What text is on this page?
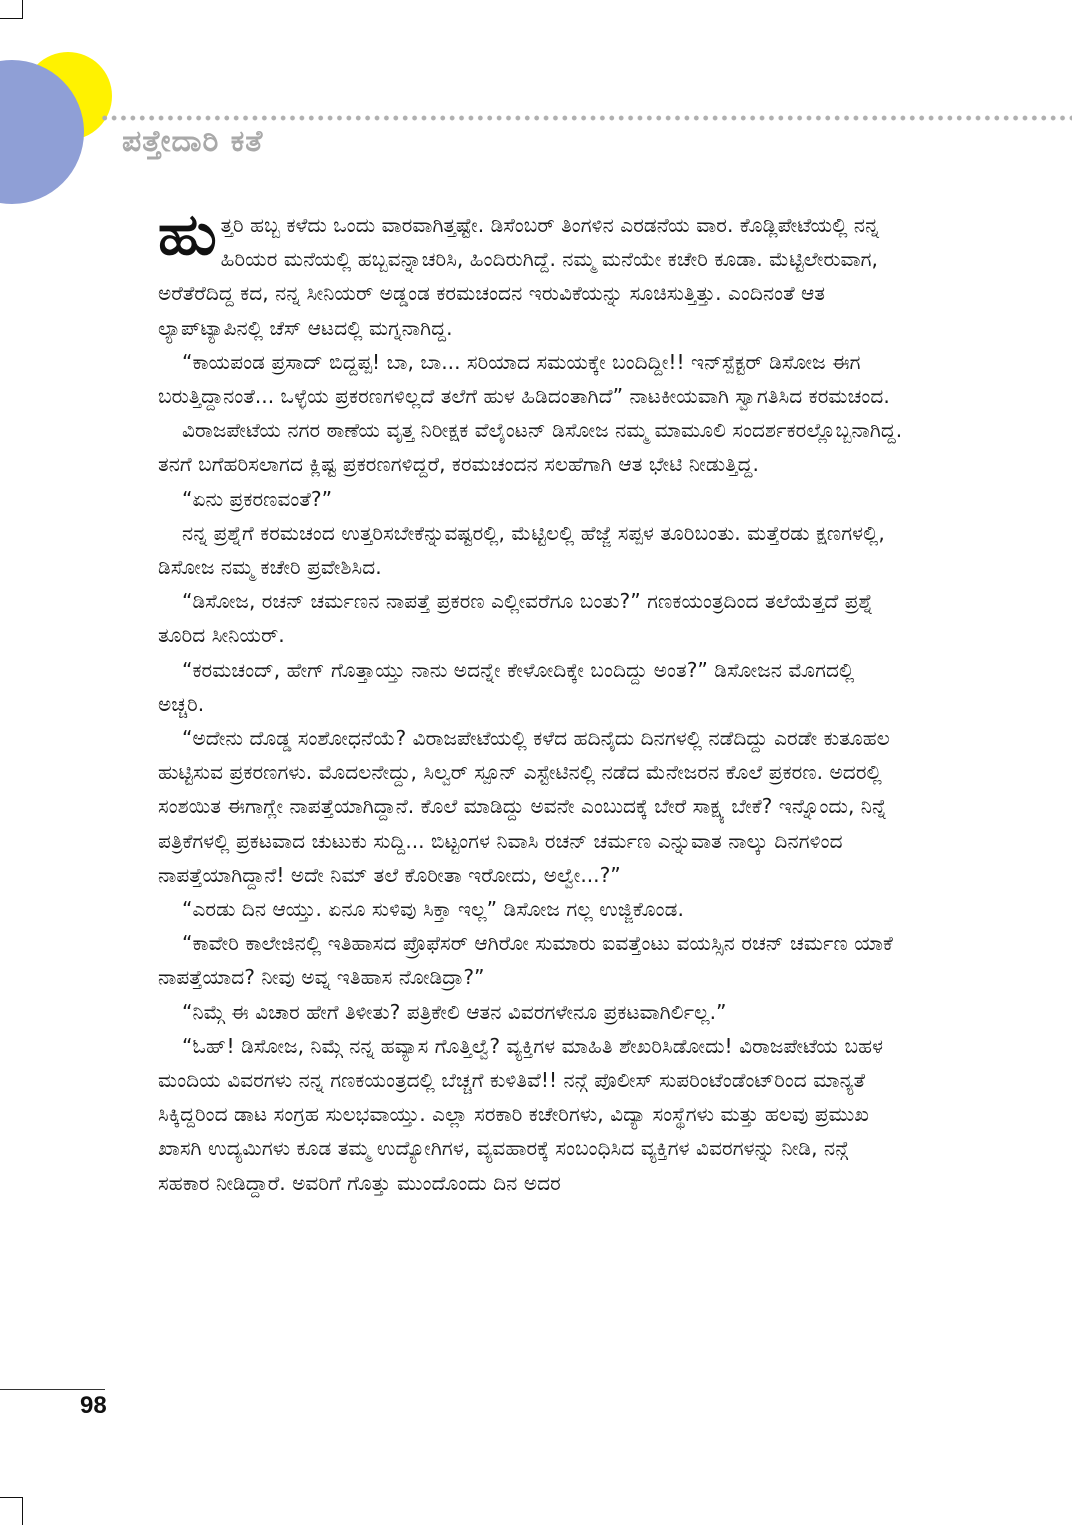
ಪತ್ತೇದಾರಿ ಕತೆ

ಹುತ್ತರಿ ಹಬ್ಬ ಕಳೆದು ಒಂದು ವಾರವಾಗಿತ್ತಷ್ಟೇ. ಡಿಸೆಂಬರ್ ತಿಂಗಳಿನ ಎರಡನೆಯ ವಾರ. ಕೊಡ್ಲಿಪೇಟೆಯಲ್ಲಿ ನನ್ನ ಹಿರಿಯರ ಮನೆಯಲ್ಲಿ ಹಬ್ಬವನ್ನಾಚರಿಸಿ, ಹಿಂದಿರುಗಿದ್ದೆ. ನಮ್ಮ ಮನೆಯೇ ಕಚೇರಿ ಕೂಡಾ. ಮೆಟ್ಟಿಲೇರುವಾಗ, ಅರೆತೆರೆದಿದ್ದ ಕದ, ನನ್ನ ಸೀನಿಯರ್ ಅಡ್ಡಂಡ ಕರಮಚಂದನ ಇರುವಿಕೆಯನ್ನು ಸೂಚಿಸುತ್ತಿತ್ತು. ಎಂದಿನಂತೆ ಆತ ಲ್ಯಾಪ್‌ಟ್ಯಾಪಿನಲ್ಲಿ ಚೆಸ್ ಆಟದಲ್ಲಿ ಮಗ್ನನಾಗಿದ್ದ.

“ಕಾಯಪಂಡ ಪ್ರಸಾದ್ ಬಿದ್ದಪ್ಪ! ಬಾ, ಬಾ... ಸರಿಯಾದ ಸಮಯಕ್ಕೇ ಬಂದಿದ್ದೀ!! ಇನ್‌ಸ್ಪೆಕ್ಟರ್ ಡಿಸೋಜ ಈಗ ಬರುತ್ತಿದ್ದಾನಂತೆ... ಒಳ್ಳೆಯ ಪ್ರಕರಣಗಳಿಲ್ಲದೆ ತಲೆಗೆ ಹುಳ ಹಿಡಿದಂತಾಗಿದೆ” ನಾಟಕೀಯವಾಗಿ ಸ್ವಾಗತಿಸಿದ ಕರಮಚಂದ.

ವಿರಾಜಪೇಟೆಯ ನಗರ ಠಾಣೆಯ ವೃತ್ತ ನಿರೀಕ್ಷಕ ವೆಲೈಂಟನ್ ಡಿಸೋಜ ನಮ್ಮ ಮಾಮೂಲಿ ಸಂದರ್ಶಕರಲ್ಲೊಬ್ಬನಾಗಿದ್ದ. ತನಗೆ ಬಗೆಹರಿಸಲಾಗದ ಕ್ಲಿಷ್ಟ ಪ್ರಕರಣಗಳಿದ್ದರೆ, ಕರಮಚಂದನ ಸಲಹೆಗಾಗಿ ಆತ ಭೇಟಿ ನೀಡುತ್ತಿದ್ದ.

“ಏನು ಪ್ರಕರಣವಂತೆ?”

ನನ್ನ ಪ್ರಶ್ನೆಗೆ ಕರಮಚಂದ ಉತ್ತರಿಸಬೇಕೆನ್ನುವಷ್ಟರಲ್ಲಿ, ಮೆಟ್ಟಿಲಲ್ಲಿ ಹೆಜ್ಜೆ ಸಪ್ಪಳ ತೂರಿಬಂತು. ಮತ್ತೆರಡು ಕ್ಷಣಗಳಲ್ಲಿ, ಡಿಸೋಜ ನಮ್ಮ ಕಚೇರಿ ಪ್ರವೇಶಿಸಿದ.

“ಡಿಸೋಜ, ರಚನ್ ಚರ್ಮಣನ ನಾಪತ್ತೆ ಪ್ರಕರಣ ಎಲ್ಲೀವರೆಗೂ ಬಂತು?” ಗಣಕಯಂತ್ರದಿಂದ ತಲೆಯೆತ್ತದೆ ಪ್ರಶ್ನೆ ತೂರಿದ ಸೀನಿಯರ್.

“ಕರಮಚಂದ್, ಹೇಗ್ ಗೊತ್ತಾಯ್ತು ನಾನು ಅದನ್ನೇ ಕೇಳೋದಿಕ್ಕೇ ಬಂದಿದ್ದು ಅಂತ?” ಡಿಸೋಜನ ಮೊಗದಲ್ಲಿ ಅಚ್ಚರಿ.

“ಅದೇನು ದೊಡ್ಡ ಸಂಶೋಧನೆಯೆ? ವಿರಾಜಪೇಟೆಯಲ್ಲಿ ಕಳೆದ ಹದಿನೈದು ದಿನಗಳಲ್ಲಿ ನಡೆದಿದ್ದು ಎರಡೇ ಕುತೂಹಲ ಹುಟ್ಟಿಸುವ ಪ್ರಕರಣಗಳು. ಮೊದಲನೇದ್ದು, ಸಿಲ್ವರ್ ಸ್ಪೂನ್ ಎಸ್ಟೇಟಿನಲ್ಲಿ ನಡೆದ ಮೆನೇಜರನ ಕೊಲೆ ಪ್ರಕರಣ. ಅದರಲ್ಲಿ ಸಂಶಯಿತ ಈಗಾಗ್ಲೇ ನಾಪತ್ತೆಯಾಗಿದ್ದಾನೆ. ಕೊಲೆ ಮಾಡಿದ್ದು ಅವನೇ ಎಂಬುದಕ್ಕೆ ಬೇರೆ ಸಾಕ್ಷ್ಯ ಬೇಕೆ? ಇನ್ನೊಂದು, ನಿನ್ನೆ ಪತ್ರಿಕೆಗಳಲ್ಲಿ ಪ್ರಕಟವಾದ ಚುಟುಕು ಸುದ್ದಿ... ಬಿಟ್ಟಂಗಳ ನಿವಾಸಿ ರಚನ್ ಚರ್ಮಣ ಎನ್ನುವಾತ ನಾಲ್ಕು ದಿನಗಳಿಂದ ನಾಪತ್ತೆಯಾಗಿದ್ದಾನೆ! ಅದೇ ನಿಮ್ ತಲೆ ಕೊರೀತಾ ಇರೋದು, ಅಲ್ವೇ...?”

“ಎರಡು ದಿನ ಆಯ್ತು. ಏನೂ ಸುಳಿವು ಸಿಕ್ತಾ ಇಲ್ಲ” ಡಿಸೋಜ ಗಲ್ಲ ಉಜ್ಜಿಕೊಂಡ.

“ಕಾವೇರಿ ಕಾಲೇಜಿನಲ್ಲಿ ಇತಿಹಾಸದ ಪ್ರೊಫೆಸರ್ ಆಗಿರೋ ಸುಮಾರು ಐವತ್ತೆಂಟು ವಯಸ್ಸಿನ ರಚನ್ ಚರ್ಮಣ ಯಾಕೆ ನಾಪತ್ತೆಯಾದ? ನೀವು ಅವ್ನ ಇತಿಹಾಸ ನೋಡಿದ್ರಾ?”

“ನಿಮ್ಗೆ ಈ ವಿಚಾರ ಹೇಗೆ ತಿಳೀತು? ಪತ್ರಿಕೇಲಿ ಆತನ ವಿವರಗಳೇನೂ ಪ್ರಕಟವಾಗಿರ್ಲಿಲ್ಲ.”

“ಓಹ್! ಡಿಸೋಜ, ನಿಮ್ಗೆ ನನ್ನ ಹವ್ಯಾಸ ಗೊತ್ತಿಲ್ವೆ? ವ್ಯಕ್ತಿಗಳ ಮಾಹಿತಿ ಶೇಖರಿಸಿಡೋದು! ವಿರಾಜಪೇಟೆಯ ಬಹಳ ಮಂದಿಯ ವಿವರಗಳು ನನ್ನ ಗಣಕಯಂತ್ರದಲ್ಲಿ ಬೆಚ್ಚಗೆ ಕುಳಿತಿವೆ!! ನನ್ಗೆ ಪೊಲೀಸ್ ಸುಪರಿಂಟೆಂಡೆಂಟ್‌ರಿಂದ ಮಾನ್ಯತೆ ಸಿಕ್ಕಿದ್ದರಿಂದ ಡಾಟ ಸಂಗ್ರಹ ಸುಲಭವಾಯ್ತು. ಎಲ್ಲಾ ಸರಕಾರಿ ಕಚೇರಿಗಳು, ವಿದ್ಯಾ ಸಂಸ್ಥೆಗಳು ಮತ್ತು ಹಲವು ಪ್ರಮುಖ ಖಾಸಗಿ ಉದ್ಯಮಿಗಳು ಕೂಡ ತಮ್ಮ ಉದ್ಯೋಗಿಗಳ, ವ್ಯವಹಾರಕ್ಕೆ ಸಂಬಂಧಿಸಿದ ವ್ಯಕ್ತಿಗಳ ವಿವರಗಳನ್ನು ನೀಡಿ, ನನ್ಗೆ ಸಹಕಾರ ನೀಡಿದ್ದಾರೆ. ಅವರಿಗೆ ಗೊತ್ತು ಮುಂದೊಂದು ದಿನ ಅದರ

98
